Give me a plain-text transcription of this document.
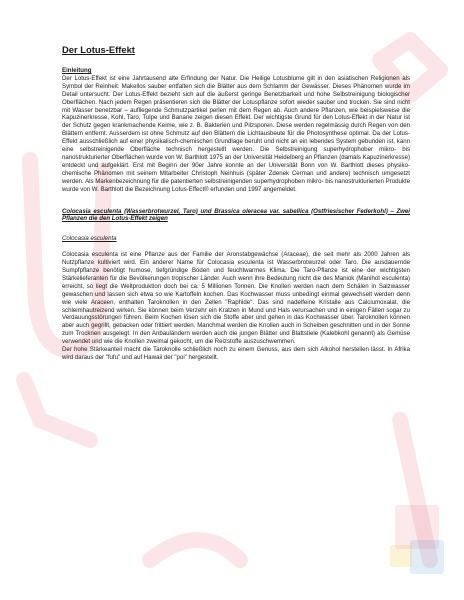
Der Lotus-Effekt
Einleitung

Der Lotus-Effekt ist eine Jahrtausend alte Erfindung der Natur. Die Heilige Lotusblume gilt in den asiatischen Religionen als Symbol der Reinheit: Makellos sauber entfalten sich die Blätter aus dem Schlamm der Gewässer. Dieses Phänomen wurde im Detail untersucht. Der Lotus-Effekt bezieht sich auf die äußerst geringe Benetzbarkeit und hohe Selbstreinigung biologischer Oberflächen. Nach jedem Regen präsentieren sich die Blätter der Lotuspflanze sofort wieder sauber und trocken. Sie sind nicht mit Wasser benetzbar – aufliegende Schmutzpartikel perlen mit dem Regen ab. Auch andere Pflanzen, wie beispielsweise die Kapuzinerkresse, Kohl, Taro, Tulpe und Banane zeigen diesen Effekt. Der wichtigste Grund für den Lotus-Effekt in der Natur ist der Schutz gegen krankmachende Keime, wie z. B. Bakterien und Pilzsporen. Diese werden regelmässig durch Regen von den Blättern entfernt. Ausserdem ist ohne Schmutz auf den Blättern die Lichtausbeute für die Photosynthese optimal. Da der Lotus-Effekt ausschließlich auf einer physikalisch-chemischen Grundlage beruht und nicht an ein lebendes System gebunden ist, kann eine selbstreinigende Oberfläche technisch hergestellt werden. Die Selbstreinigung superhydrophober mikro- bis nanostrukturierter Oberflächen wurde von W. Barthlott 1975 an der Universität Heidelberg an Pflanzen (damals Kapuzinerkresse) entdeckt und aufgeklärt. Erst mit Beginn der 90er Jahre konnte an der Universität Bonn von W. Barthlott dieses physiko-chemische Phänomen mit seinem Mitarbeiter Christoph Neinhuis (später Zdenek Cerman und andere) technisch umgesetzt werden. Als Markenbezeichnung für die patentierten selbstreinigenden superhydrophoben mikro- bis nanostrukturierten Produkte wurde von W. Barthlott die Bezeichnung Lotus-Effect® erfunden und 1997 angemeldet.

Colocasia esculenta (Wasserbrotwurzel, Taro) und Brassica oleracea var. sabellica (Ostfriesischer Federkohl) – Zwei Pflanzen die den Lotus-Effekt zeigen
Colocasia esculenta

Colocasia esculenta ist eine Pflanze aus der Familie der Aronstabgewächse (Araceae), die seit mehr als 2000 Jahren als Nutzpflanze kultiviert wird. Ein anderer Name für Colocasia esculenta ist Wasserbrotwurzel oder Taro. Die ausdauernde Sumpfpflanze benötigt humose, tiefgründige Böden und feuchtwarmes Klima. Die Taro-Pflanze ist eine der wichtigsten Stärkelieferanten für die Bevölkerungen tropischer Länder. Auch wenn ihre Bedeutung nicht die des Maniok (Manihot esculenta) erreicht, so liegt die Weltproduktion doch bei ca. 5 Millionen Tonnen. Die Knollen werden nach dem Schälen in Salzwasser gewaschen und lassen sich etwa so wie Kartoffeln kochen. Das Kochwasser muss unbedingt einmal gewechselt werden denn wie viele Araceen, enthalten Taroknollen in den Zellen "Raphide". Das sind nadelfeine Kristalle aus Calciumoxalat, die schleimhautreizend wirken. Sie können beim Verzehr ein Kratzen in Mund und Hals verursachen und in einigen Fällen sogar zu Verdauungsstörungen führen. Beim Kochen lösen sich die Stoffe aber und gehen in das Kochwasser über. Taroknollen können aber auch gegrillt, gebacken oder frittiert werden. Manchmal werden die Knollen auch in Scheiben geschnitten und in der Sonne zum Trocknen ausgelegt. In den Anbauländern werden auch die jungen Blätter und Blattstiele (Kalebkohl genannt) als Gemüse verwendet und wie die Knollen zweimal gekocht, um die Reizstoffe auszuschwemmen.

Der hohe Stärkeanteil macht die Taroknolle schließlich noch zu einem Genuss, aus dem sich Alkohol herstellen lässt. In Afrika wird daraus der "fufu" und auf Hawaii der "poi" hergestellt.
